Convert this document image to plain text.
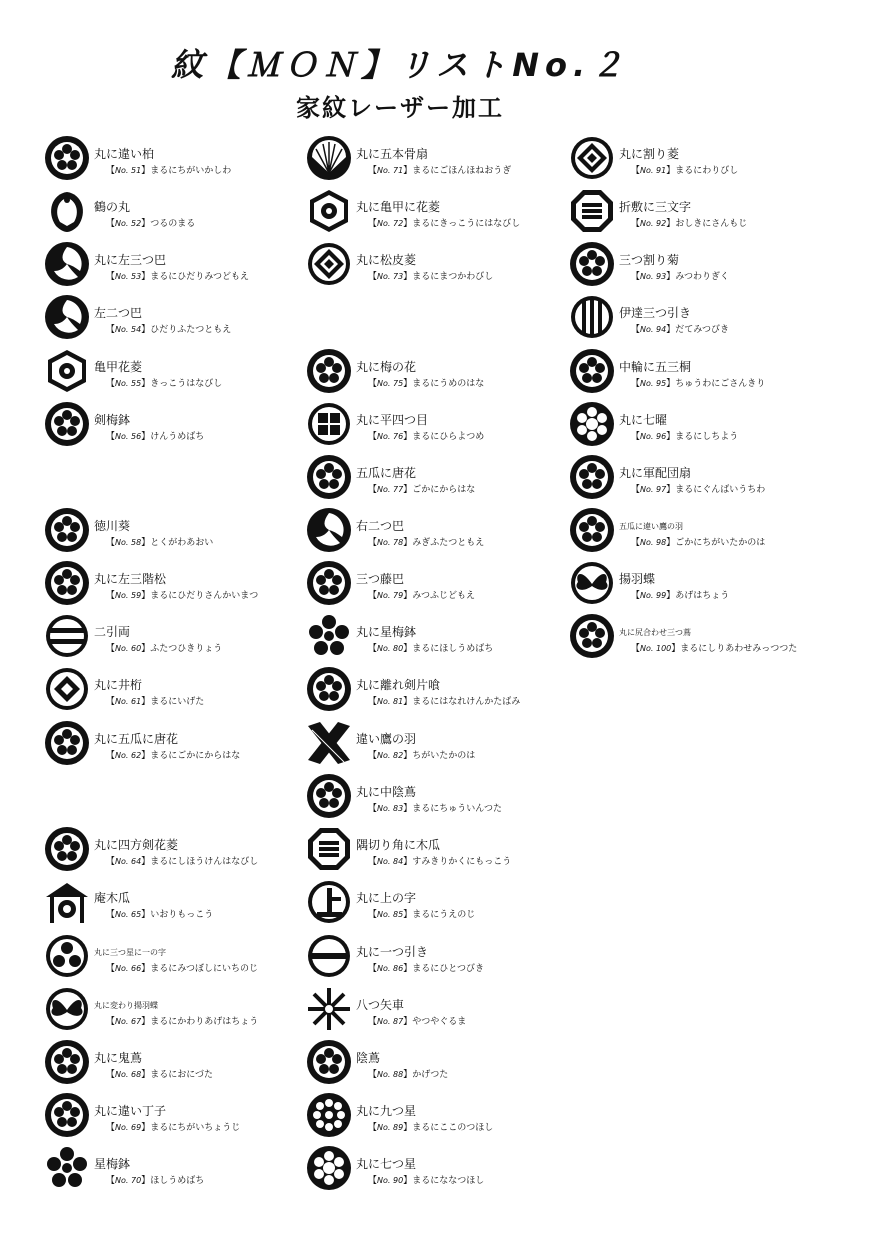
紋【ＭＯＮ】リストNo.２
家紋レーザー加工
丸に違い柏
【No. 51】まるにちがいかしわ
鶴の丸
【No. 52】つるのまる
丸に左三つ巴
【No. 53】まるにひだりみつどもえ
左二つ巴
【No. 54】ひだりふたつともえ
亀甲花菱
【No. 55】きっこうはなびし
剣梅鉢
【No. 56】けんうめばち
徳川葵
【No. 58】とくがわあおい
丸に左三階松
【No. 59】まるにひだりさんかいまつ
二引両
【No. 60】ふたつひきりょう
丸に井桁
【No. 61】まるにいげた
丸に五瓜に唐花
【No. 62】まるにごかにからはな
丸に四方剣花菱
【No. 64】まるにしほうけんはなびし
庵木瓜
【No. 65】いおりもっこう
丸に三つ星に一の字
【No. 66】まるにみつぼしにいちのじ
丸に変わり揚羽蝶
【No. 67】まるにかわりあげはちょう
丸に鬼蔦
【No. 68】まるにおにづた
丸に違い丁子
【No. 69】まるにちがいちょうじ
星梅鉢
【No. 70】ほしうめばち
丸に五本骨扇
【No. 71】まるにごほんほねおうぎ
丸に亀甲に花菱
【No. 72】まるにきっこうにはなびし
丸に松皮菱
【No. 73】まるにまつかわびし
丸に梅の花
【No. 75】まるにうめのはな
丸に平四つ目
【No. 76】まるにひらよつめ
五瓜に唐花
【No. 77】ごかにからはな
右二つ巴
【No. 78】みぎふたつともえ
三つ藤巴
【No. 79】みつふじどもえ
丸に星梅鉢
【No. 80】まるにほしうめばち
丸に離れ剣片喰
【No. 81】まるにはなれけんかたばみ
違い鷹の羽
【No. 82】ちがいたかのは
丸に中陰蔦
【No. 83】まるにちゅういんつた
隅切り角に木瓜
【No. 84】すみきりかくにもっこう
丸に上の字
【No. 85】まるにうえのじ
丸に一つ引き
【No. 86】まるにひとつびき
八つ矢車
【No. 87】やつやぐるま
陰蔦
【No. 88】かげつた
丸に九つ星
【No. 89】まるにここのつほし
丸に七つ星
【No. 90】まるにななつほし
丸に割り菱
【No. 91】まるにわりびし
折敷に三文字
【No. 92】おしきにさんもじ
三つ割り菊
【No. 93】みつわりぎく
伊達三つ引き
【No. 94】だてみつびき
中輪に五三桐
【No. 95】ちゅうわにごさんきり
丸に七曜
【No. 96】まるにしちよう
丸に軍配団扇
【No. 97】まるにぐんばいうちわ
五瓜に違い鷹の羽
【No. 98】ごかにちがいたかのは
揚羽蝶
【No. 99】あげはちょう
丸に尻合わせ三つ蔦
【No. 100】まるにしりあわせみっつつた
